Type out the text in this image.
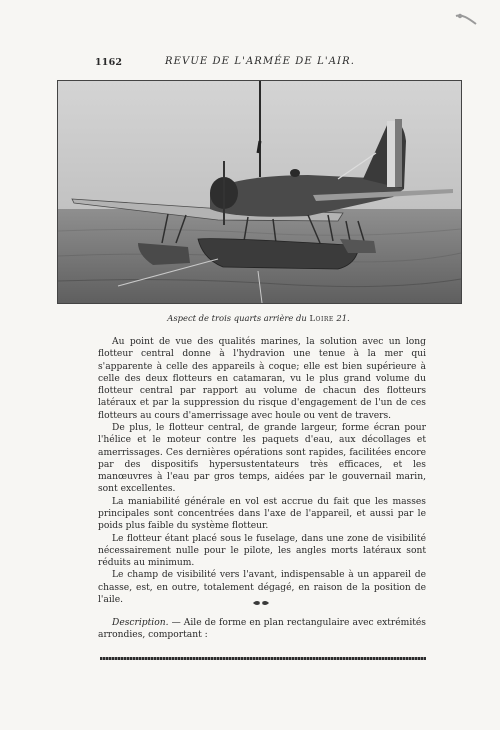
1162	REVUE DE L'ARMÉE DE L'AIR.
Aspect de trois quarts arrière du Loire 21.

Au point de vue des qualités marines, la solution avec un long flotteur central donne à l'hydravion une tenue à la mer qui s'apparente à celle des appareils à coque; elle est bien supérieure à celle des deux flotteurs en catamaran, vu le plus grand volume du flotteur central par rapport au volume de chacun des flotteurs latéraux et par la suppression du risque d'engagement de l'un de ces flotteurs au cours d'amerrissage avec houle ou vent de travers.

De plus, le flotteur central, de grande largeur, forme écran pour l'hélice et le moteur contre les paquets d'eau, aux décollages et amerrissages. Ces dernières opérations sont rapides, facilitées encore par des dispositifs hypersustentateurs très efficaces, et les manœuvres à l'eau par gros temps, aidées par le gouvernail marin, sont excellentes.

La maniabilité générale en vol est accrue du fait que les masses principales sont concentrées dans l'axe de l'appareil, et aussi par le poids plus faible du système flotteur.

Le flotteur étant placé sous le fuselage, dans une zone de visibilité nécessairement nulle pour le pilote, les angles morts latéraux sont réduits au minimum.

Le champ de visibilité vers l'avant, indispensable à un appareil de chasse, est, en outre, totalement dégagé, en raison de la position de l'aile.

Description. — Aile de forme en plan rectangulaire avec extrémités arrondies, comportant :
